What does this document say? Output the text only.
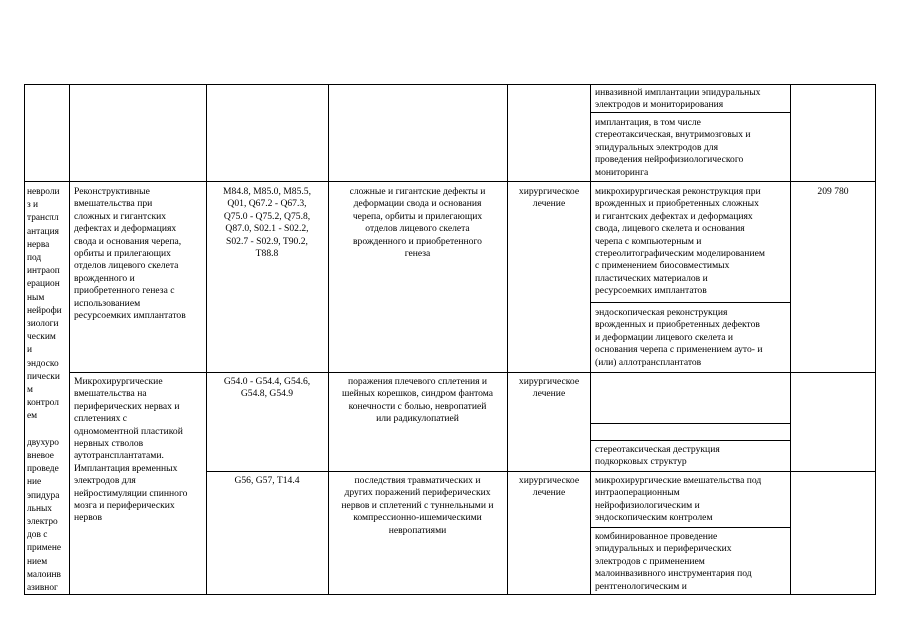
инвазивной имплантации эпидуральных
электродов и мониторирования
имплантация, в том числе
стереотаксическая, внутримозговых и
эпидуральных электродов для
проведения нейрофизиологического
мониторинга
невроли
з и
трансπл
антация
нерва
под
интраоп
ерацион
ным
нейрофи
зиологи
ческим
и
эндоско
пически
м
контрол
ем
двухуро
вневое
проведе
ние
эпидура
льных
электро
дов с
примене
нием
малоинв
азивног
Реконструктивные
вмешательства при
сложных и гигантских
дефектах и деформациях
свода и основания черепа,
орбиты и прилегающих
отделов лицевого скелета
врожденного и
приобретенного генеза с
использованием
ресурсоемких имплантатов
M84.8, M85.0, M85.5,
Q01, Q67.2 - Q67.3,
Q75.0 - Q75.2, Q75.8,
Q87.0, S02.1 - S02.2,
S02.7 - S02.9, T90.2,
T88.8
сложные и гигантские дефекты и
деформации свода и основания
черепа, орбиты и прилегающих
отделов лицевого скелета
врожденного и приобретенного
генеза
хирургическое
лечение
микрохирургическая реконструкция при
врожденных и приобретенных сложных
и гигантских дефектах и деформациях
свода, лицевого скелета и основания
черепа с компьютерным и
стереолитографическим моделированием
с применением биосовместимых
пластических материалов и
ресурсоемких имплантатов
эндоскопическая реконструкция
врожденных и приобретенных дефектов
и деформации лицевого скелета и
основания черепа с применением ауто- и
(или) аллотрансплантатов
209 780
Микрохирургические
вмешательства на
периферических нервах и
сплетениях с
одномоментной пластикой
нервных стволов
аутотрансплантатами.
Имплантация временных
электродов для
нейростимуляции спинного
мозга и периферических
нервов
G54.0 - G54.4, G54.6,
G54.8, G54.9
поражения плечевого сплетения и
шейных корешков, синдром фантома
конечности с болью, невропатией
или радикулопатией
хирургическое
лечение
стереотаксическая деструкция
подкорковых структур
G56, G57, T14.4	последствия травматических и
других поражений периферических
нервов и сплетений с туннельными и
компрессионно-ишемическими
невропатиями
хирургическое
лечение
микрохирургические вмешательства под
интраоперационным
нейрофизиологическим и
эндоскопическим контролем
комбинированное проведение
эпидуральных и периферических
электродов с применением
малоинвазивного инструментария под
рентгенологическим и
